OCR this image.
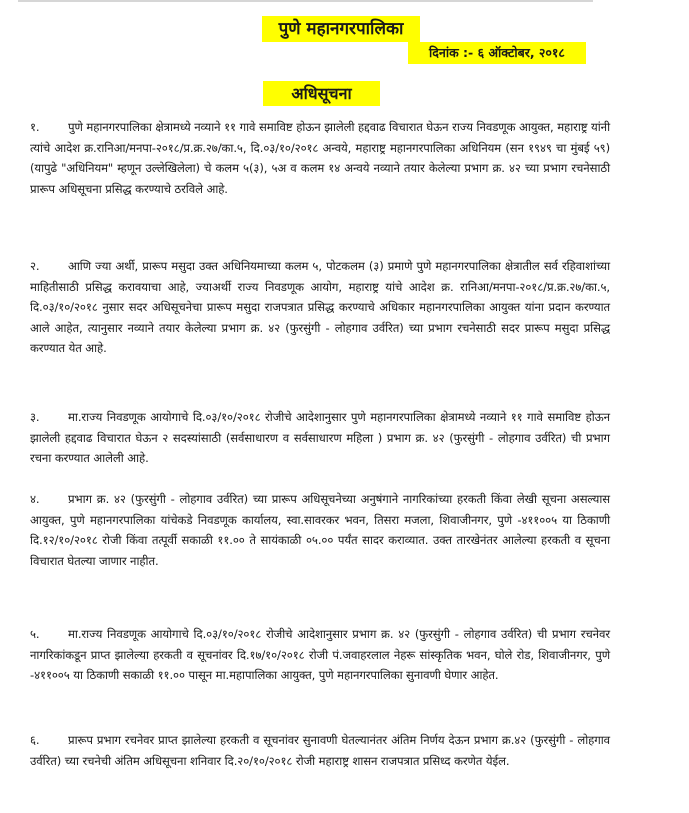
पुणे महानगरपालिका
दिनांक :- ६ ऑक्टोबर, २०१८
अधिसूचना

१. पुणे महानगरपालिका क्षेत्रामध्ये नव्याने ११ गावे समाविष्ट होऊन झालेली हद्दवाढ विचारात घेऊन राज्य निवडणूक आयुक्त, महाराष्ट्र यांनी त्यांचे आदेश क्र.रानिआ/मनपा-२०१८/प्र.क्र.२७/का.५, दि.०३/१०/२०१८ अन्वये, महाराष्ट्र महानगरपालिका अधिनियम (सन १९४९ चा मुंबई ५९) (यापुढे "अधिनियम" म्हणून उल्लेखिलेला) चे कलम ५(३), ५अ व कलम १४ अन्वये नव्याने तयार केलेल्या प्रभाग क्र. ४२ च्या प्रभाग रचनेसाठी प्रारूप अधिसूचना प्रसिद्ध करण्याचे ठरविले आहे.

२. आणि ज्या अर्थी, प्रारूप मसुदा उक्त अधिनियमाच्या कलम ५, पोटकलम (३) प्रमाणे पुणे महानगरपालिका क्षेत्रातील सर्व रहिवाशांच्या माहितीसाठी प्रसिद्ध करावयाचा आहे, ज्याअर्थी राज्य निवडणूक आयोग, महाराष्ट्र यांचे आदेश क्र. रानिआ/मनपा-२०१८/प्र.क्र.२७/का.५, दि.०३/१०/२०१८ नुसार सदर अधिसूचनेचा प्रारूप मसुदा राजपत्रात प्रसिद्ध करण्याचे अधिकार महानगरपालिका आयुक्त यांना प्रदान करण्यात आले आहेत, त्यानुसार नव्याने तयार केलेल्या प्रभाग क्र. ४२ (फुरसुंगी - लोहगाव उर्वरित) च्या प्रभाग रचनेसाठी सदर प्रारूप मसुदा प्रसिद्ध करण्यात येत आहे.

३. मा.राज्य निवडणूक आयोगाचे दि.०३/१०/२०१८ रोजीचे आदेशानुसार पुणे महानगरपालिका क्षेत्रामध्ये नव्याने ११ गावे समाविष्ट होऊन झालेली हद्दवाढ विचारात घेऊन २ सदस्यांसाठी (सर्वसाधारण व सर्वसाधारण महिला ) प्रभाग क्र. ४२ (फुरसुंगी - लोहगाव उर्वरित) ची प्रभाग रचना करण्यात आलेली आहे.

४. प्रभाग क्र. ४२ (फुरसुंगी - लोहगाव उर्वरित) च्या प्रारूप अधिसूचनेच्या अनुषंगाने नागरिकांच्या हरकती किंवा लेखी सूचना असल्यास आयुक्त, पुणे महानगरपालिका यांचेकडे निवडणूक कार्यालय, स्वा.सावरकर भवन, तिसरा मजला, शिवाजीनगर, पुणे -४११००५ या ठिकाणी दि.१२/१०/२०१८ रोजी किंवा तत्पूर्वी सकाळी ११.०० ते सायंकाळी ०५.०० पर्यंत सादर कराव्यात. उक्त तारखेनंतर आलेल्या हरकती व सूचना विचारात घेतल्या जाणार नाहीत.

५. मा.राज्य निवडणूक आयोगाचे दि.०३/१०/२०१८ रोजीचे आदेशानुसार प्रभाग क्र. ४२ (फुरसुंगी - लोहगाव उर्वरित) ची प्रभाग रचनेवर नागरिकांकडून प्राप्त झालेल्या हरकती व सूचनांवर दि.१७/१०/२०१८ रोजी पं.जवाहरलाल नेहरू सांस्कृतिक भवन, घोले रोड, शिवाजीनगर, पुणे -४११००५ या ठिकाणी सकाळी ११.०० पासून मा.महापालिका आयुक्त, पुणे महानगरपालिका सुनावणी घेणार आहेत.

६. प्रारूप प्रभाग रचनेवर प्राप्त झालेल्या हरकती व सूचनांवर सुनावणी घेतल्यानंतर अंतिम निर्णय देऊन प्रभाग क्र.४२ (फुरसुंगी - लोहगाव उर्वरित) च्या रचनेची अंतिम अधिसूचना शनिवार दि.२०/१०/२०१८ रोजी महाराष्ट्र शासन राजपत्रात प्रसिध्द करणेत येईल.
